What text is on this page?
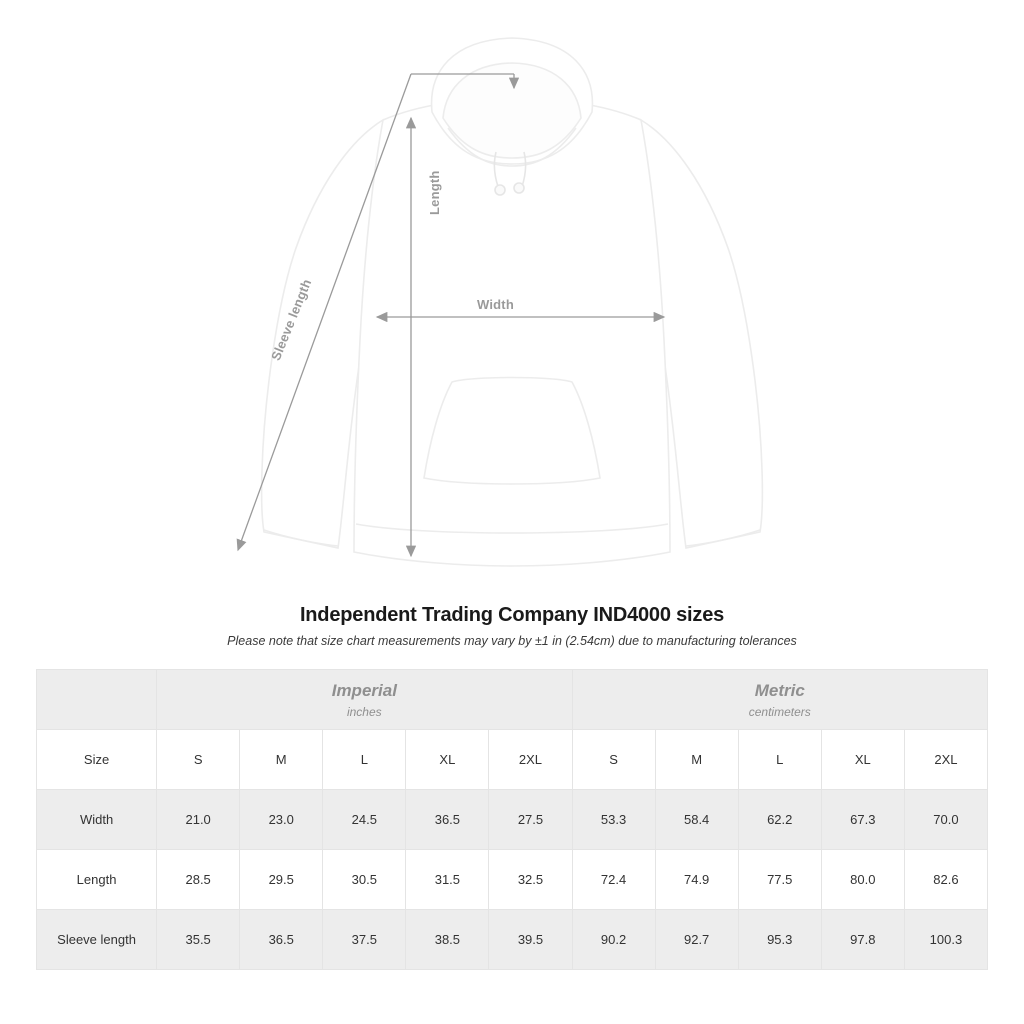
Length
Width
Sleeve length
Independent Trading Company IND4000 sizes
Please note that size chart measurements may vary by ±1 in (2.54cm) due to manufacturing tolerances

Imperial
inches

Metric
centimeters

Size	S	M	L	XL	2XL	S	M	L	XL	2XL
Width	21.0	23.0	24.5	36.5	27.5	53.3	58.4	62.2	67.3	70.0
Length	28.5	29.5	30.5	31.5	32.5	72.4	74.9	77.5	80.0	82.6
Sleeve length	35.5	36.5	37.5	38.5	39.5	90.2	92.7	95.3	97.8	100.3
